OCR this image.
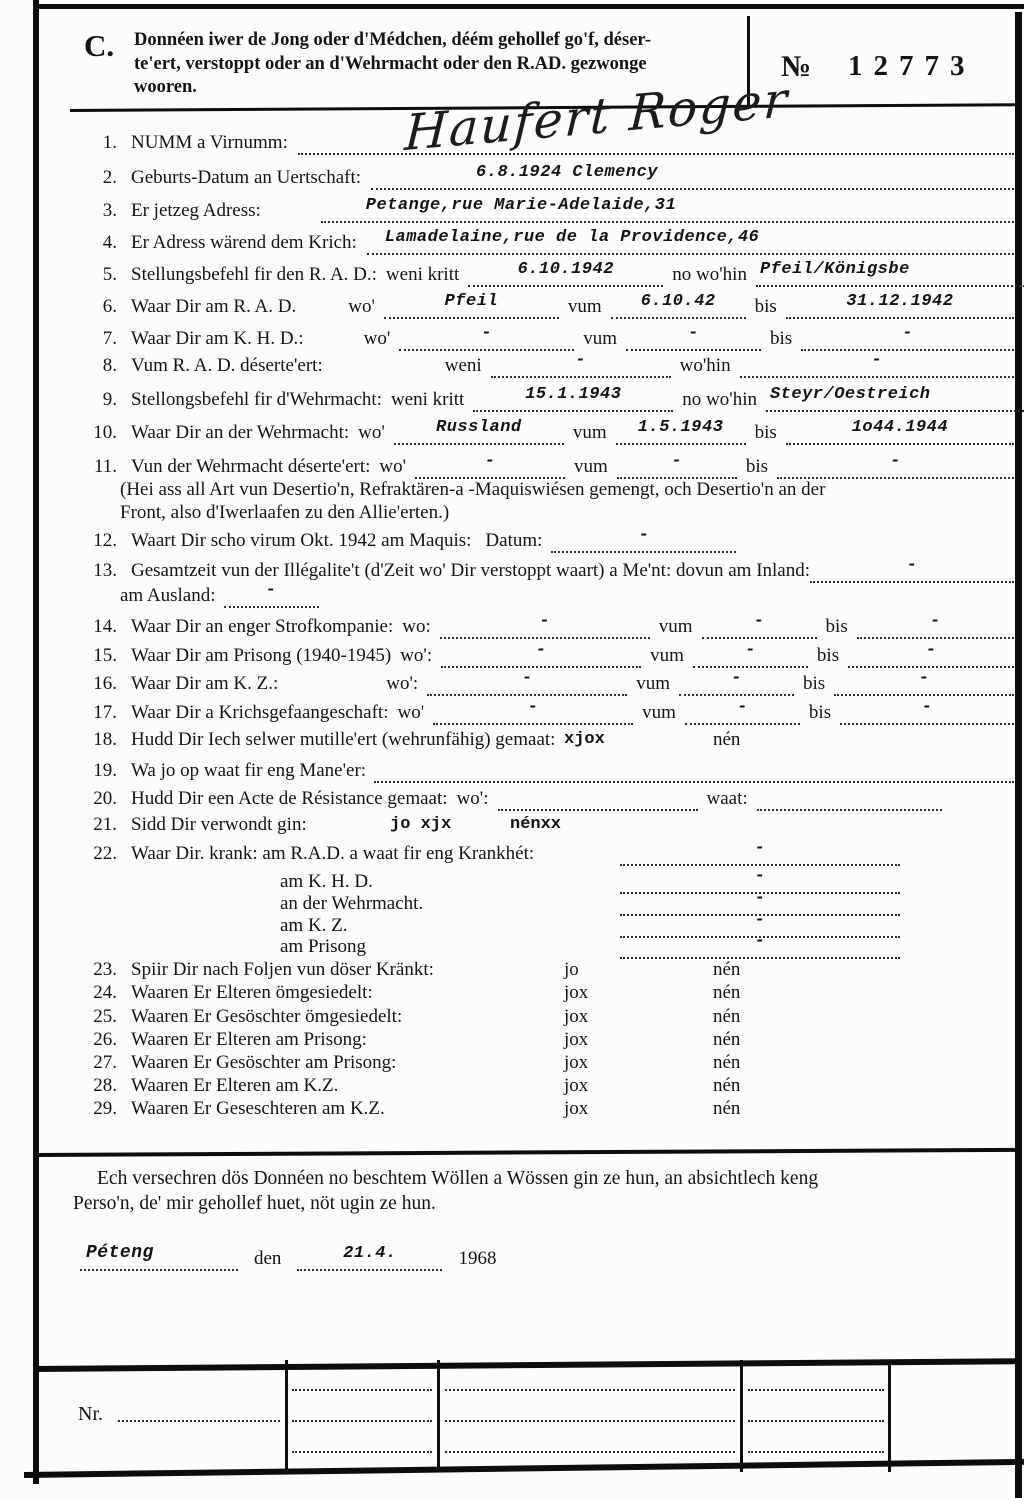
C. Donnéen iwer de Jong oder d'Médchen, déém gehollef go'f, déser-
te'ert, verstoppt oder an d'Wehrmacht oder den R.AD. gezwonge
wooren.
№ 12773
Haufert Roger
1. NUMM a Virnumm:
2. Geburts-Datum an Uertschaft:	6.8.1924 Clemency
3. Er jetzeg Adress:	Petange,rue Marie-Adelaide,31
4. Er Adress wärend dem Krich:	Lamadelaine,rue de la Providence,46
5. Stellungsbefehl fir den R. A. D.: weni kritt	6.10.1942	no wo'hin Pfeil/Königsbe
6. Waar Dir am R. A. D.	wo'	Pfeil	vum	6.10.42	bis	31.12.1942
7. Waar Dir am K. H. D.:	wo'	-	vum	-	bis	-
8. Vum R. A. D. déserte'ert:	weni	-	wo'hin	-
9. Stellongsbefehl fir d'Wehrmacht: weni kritt	15.1.1943	no wo'hin Steyr/Oestreich
10. Waar Dir an der Wehrmacht: wo'	Russland	vum	1.5.1943	bis	1o44.1944
11. Vun der Wehrmacht déserte'ert: wo'	-	vum	-	bis	-
(Hei ass all Art vun Desertio'n, Refraktären-a -Maquiswiésen gemengt, och Desertio'n an der
Front, also d'Iwerlaafen zu den Allie'erten.)
12. Waart Dir scho virum Okt. 1942 am Maquis: Datum:	-
13. Gesamtzeit vun der Illégalite't (d'Zeit wo' Dir verstoppt waart) a Me'nt: dovun am Inland:	-
am Ausland:	-
14. Waar Dir an enger Strofkompanie: wo:	-	vum	-	bis	-
15. Waar Dir am Prisong (1940-1945) wo':	-	vum	-	bis	-
16. Waar Dir am K. Z.:	wo':	-	vum	-	bis	-
17. Waar Dir a Krichsgefaangeschaft: wo'	-	vum	-	bis	-
18. Hudd Dir Iech selwer mutille'ert (wehrunfähig) gemaat: xjox	nén
19. Wa jo op waat fir eng Mane'er:
20. Hudd Dir een Acte de Résistance gemaat: wo':	waat:
21. Sidd Dir verwondt gin:	jo xjx	nénxx
22. Waar Dir. krank: am R.A.D. a waat fir eng Krankhét:	-
am K. H. D.	-
an der Wehrmacht.	-
am K. Z.	-
am Prisong	-
23. Spiir Dir nach Foljen vun döser Kränkt:	jo	nén
24. Waaren Er Elteren ömgesiedelt:	jox	nén
25. Waaren Er Gesöschter ömgesiedelt:	jox	nén
26. Waaren Er Elteren am Prisong:	jox	nén
27. Waaren Er Gesöschter am Prisong:	jox	nén
28. Waaren Er Elteren am K.Z.	jox	nén
29. Waaren Er Geseschteren am K.Z.	jox	nén
Ech versechren dös Donnéen no beschtem Wöllen a Wössen gin ze hun, an absichtlech keng
Perso'n, de' mir gehollef huet, nöt ugin ze hun.
Péteng	den	21.4.	1968
Nr.
